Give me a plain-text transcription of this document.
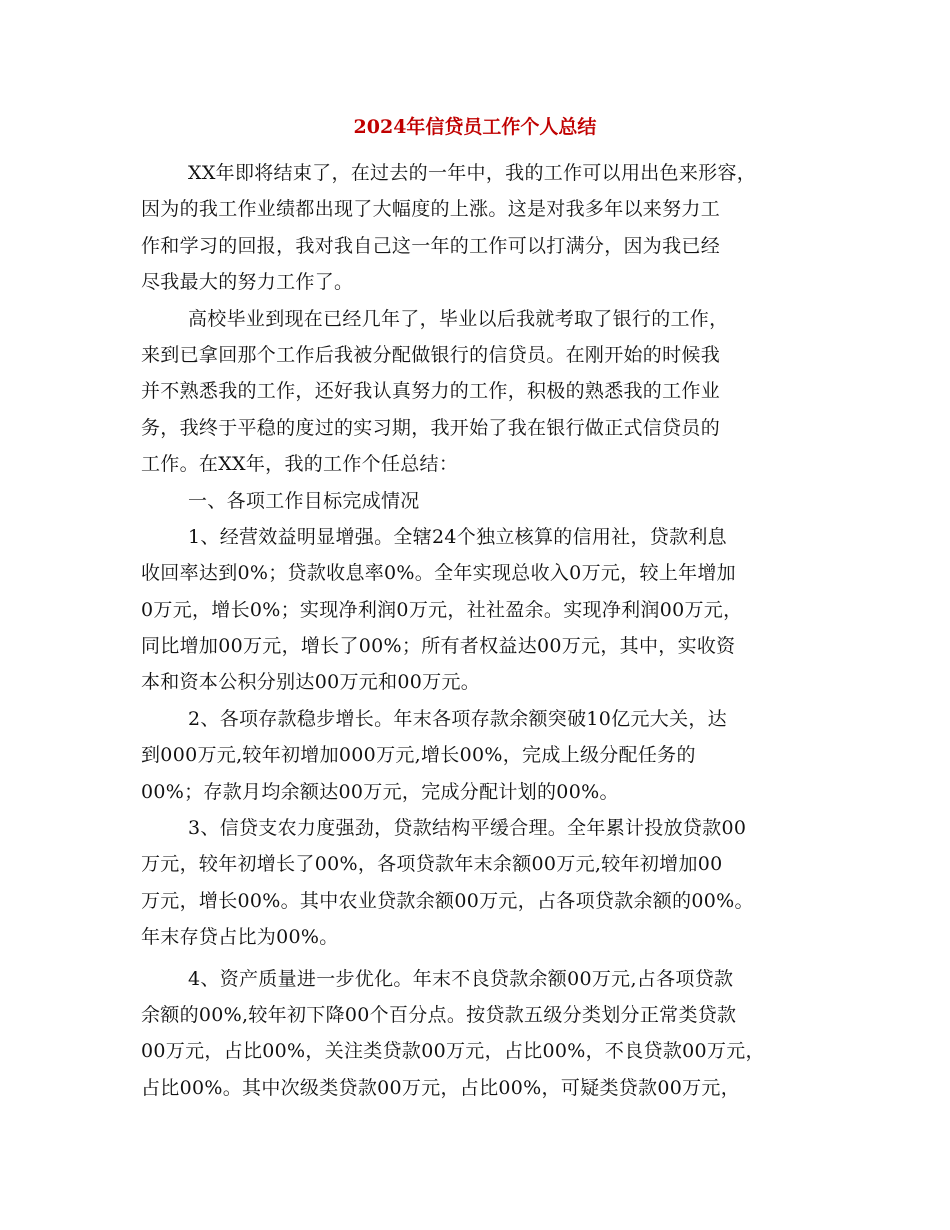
2024年信贷员工作个人总结
XX年即将结束了，在过去的一年中，我的工作可以用出色来形容，
因为的我工作业绩都出现了大幅度的上涨。这是对我多年以来努力工
作和学习的回报，我对我自己这一年的工作可以打满分，因为我已经
尽我最大的努力工作了。
高校毕业到现在已经几年了，毕业以后我就考取了银行的工作，
来到已拿回那个工作后我被分配做银行的信贷员。在刚开始的时候我
并不熟悉我的工作，还好我认真努力的工作，积极的熟悉我的工作业
务，我终于平稳的度过的实习期，我开始了我在银行做正式信贷员的
工作。在XX年，我的工作个任总结：
一、各项工作目标完成情况
1、经营效益明显增强。全辖24个独立核算的信用社，贷款利息
收回率达到0%；贷款收息率0%。全年实现总收入0万元，较上年增加
0万元，增长0%；实现净利润0万元，社社盈余。实现净利润00万元，
同比增加00万元，增长了00%；所有者权益达00万元，其中，实收资
本和资本公积分别达00万元和00万元。
2、各项存款稳步增长。年末各项存款余额突破10亿元大关，达
到000万元,较年初增加000万元,增长00%，完成上级分配任务的
00%；存款月均余额达00万元，完成分配计划的00%。
3、信贷支农力度强劲，贷款结构平缓合理。全年累计投放贷款00
万元，较年初增长了00%，各项贷款年末余额00万元,较年初增加00
万元，增长00%。其中农业贷款余额00万元，占各项贷款余额的00%。
年末存贷占比为00%。
4、资产质量进一步优化。年末不良贷款余额00万元,占各项贷款
余额的00%,较年初下降00个百分点。按贷款五级分类划分正常类贷款
00万元，占比00%，关注类贷款00万元，占比00%，不良贷款00万元，
占比00%。其中次级类贷款00万元，占比00%，可疑类贷款00万元，
